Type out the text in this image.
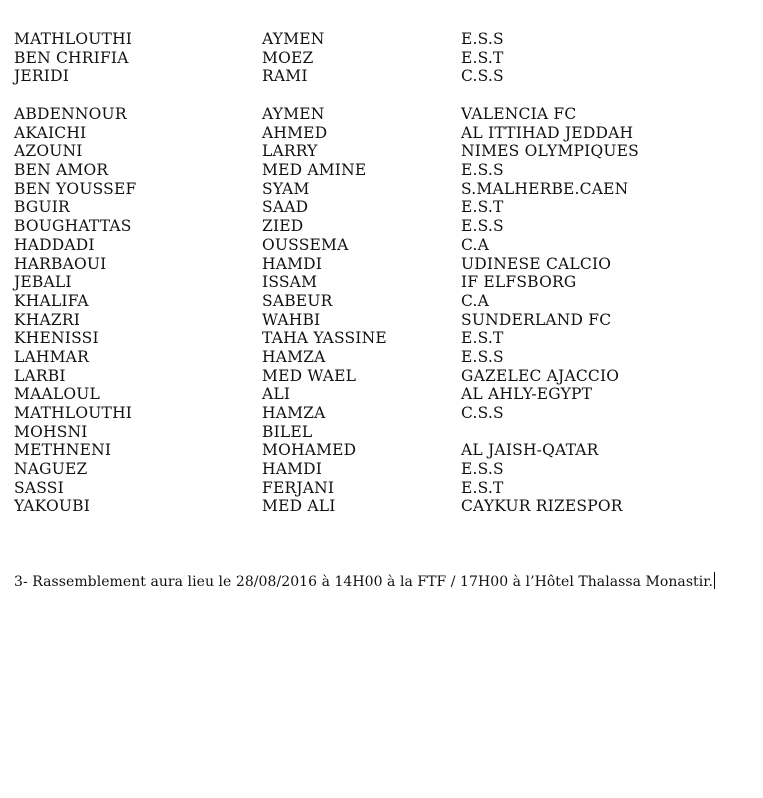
MATHLOUTHI	AYMEN	E.S.S
BEN CHRIFIA	MOEZ	E.S.T
JERIDI	RAMI	C.S.S
ABDENNOUR	AYMEN	VALENCIA FC
AKAICHI	AHMED	AL ITTIHAD JEDDAH
AZOUNI	LARRY	NIMES OLYMPIQUES
BEN AMOR	MED AMINE	E.S.S
BEN YOUSSEF	SYAM	S.MALHERBE.CAEN
BGUIR	SAAD	E.S.T
BOUGHATTAS	ZIED	E.S.S
HADDADI	OUSSEMA	C.A
HARBAOUI	HAMDI	UDINESE CALCIO
JEBALI	ISSAM	IF ELFSBORG
KHALIFA	SABEUR	C.A
KHAZRI	WAHBI	SUNDERLAND FC
KHENISSI	TAHA YASSINE	E.S.T
LAHMAR	HAMZA	E.S.S
LARBI	MED WAEL	GAZELEC AJACCIO
MAALOUL	ALI	AL AHLY-EGYPT
MATHLOUTHI	HAMZA	C.S.S
MOHSNI	BILEL
METHNENI	MOHAMED	AL JAISH-QATAR
NAGUEZ	HAMDI	E.S.S
SASSI	FERJANI	E.S.T
YAKOUBI	MED ALI	CAYKUR RIZESPOR
3- Rassemblement aura lieu le 28/08/2016 à 14H00 à la FTF / 17H00 à l’Hôtel Thalassa Monastir.
